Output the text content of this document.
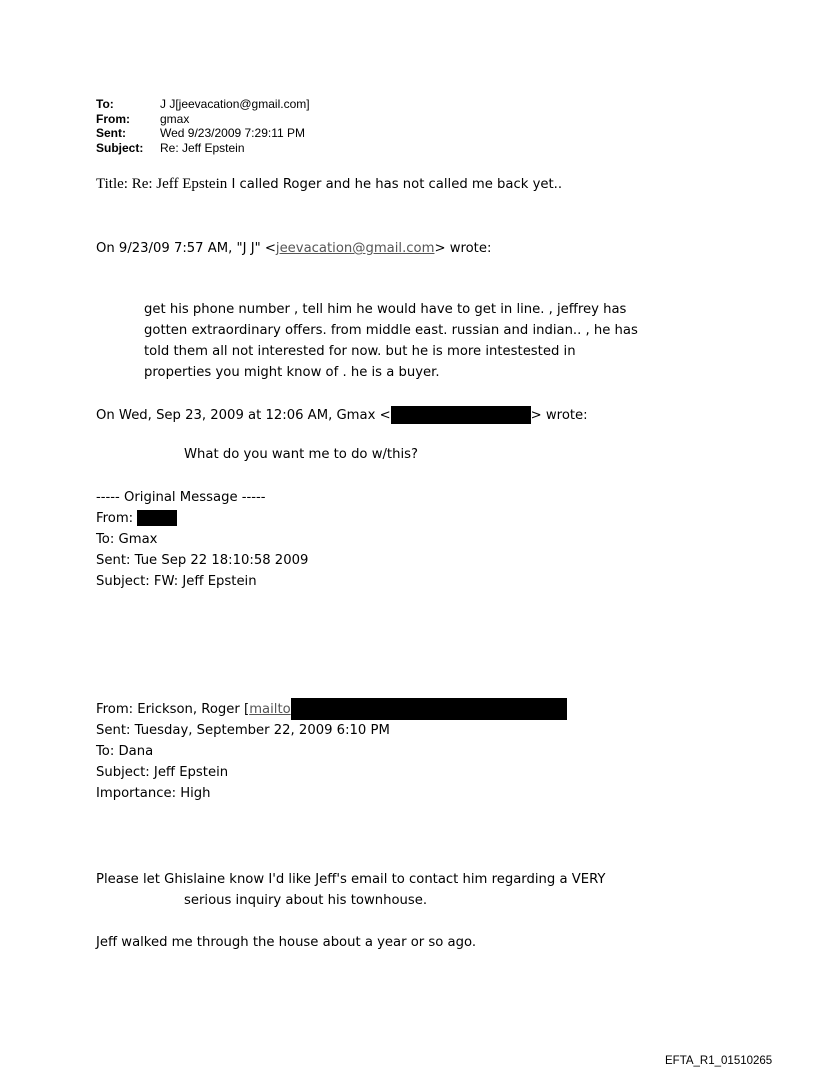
To:	J J[jeevacation@gmail.com]
From:	gmax
Sent:	Wed 9/23/2009 7:29:11 PM
Subject:	Re: Jeff Epstein
Title: Re: Jeff Epstein I called Roger and he has not called me back yet..
On 9/23/09 7:57 AM, "J J" <jeevacation@gmail.com> wrote:
get his phone number , tell him he would have to get in line. , jeffrey has
gotten extraordinary offers. from middle east. russian and indian.. , he has
told them all not interested for now. but he is more intestested in
properties you might know of . he is a buyer.
On Wed, Sep 23, 2009 at 12:06 AM, Gmax <	> wrote:
What do you want me to do w/this?
----- Original Message -----
From:
To: Gmax
Sent: Tue Sep 22 18:10:58 2009
Subject: FW: Jeff Epstein
From: Erickson, Roger [mailto
Sent: Tuesday, September 22, 2009 6:10 PM
To: Dana
Subject: Jeff Epstein
Importance: High
Please let Ghislaine know I'd like Jeff's email to contact him regarding a VERY
serious inquiry about his townhouse.
Jeff walked me through the house about a year or so ago.
EFTA_R1_01510265
